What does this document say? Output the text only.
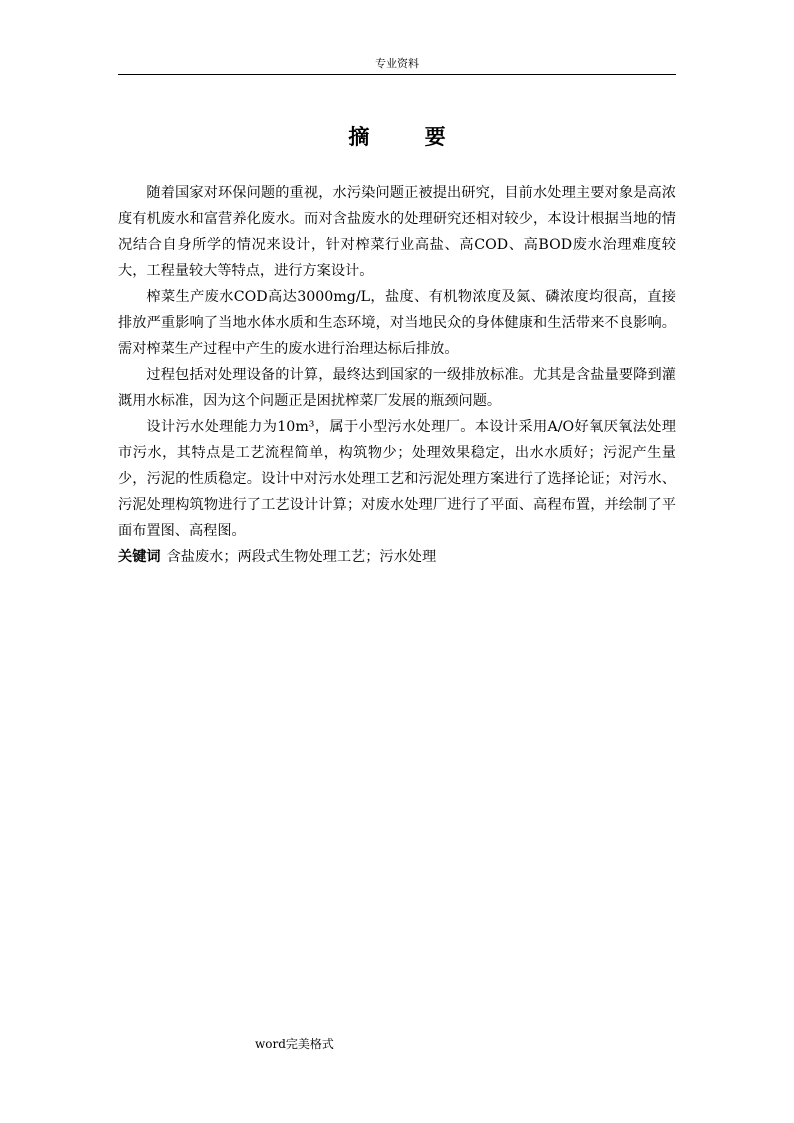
专业资料
摘 要

随着国家对环保问题的重视，水污染问题正被提出研究，目前水处理主要对象是高浓度有机废水和富营养化废水。而对含盐废水的处理研究还相对较少，本设计根据当地的情况结合自身所学的情况来设计，针对榨菜行业高盐、高COD、高BOD废水治理难度较大，工程量较大等特点，进行方案设计。

榨菜生产废水COD高达3000mg/L，盐度、有机物浓度及氮、磷浓度均很高，直接排放严重影响了当地水体水质和生态环境，对当地民众的身体健康和生活带来不良影响。需对榨菜生产过程中产生的废水进行治理达标后排放。

过程包括对处理设备的计算，最终达到国家的一级排放标准。尤其是含盐量要降到灌溉用水标准，因为这个问题正是困扰榨菜厂发展的瓶颈问题。

设计污水处理能力为10m³，属于小型污水处理厂。本设计采用A/O好氧厌氧法处理市污水，其特点是工艺流程简单，构筑物少；处理效果稳定，出水水质好；污泥产生量少，污泥的性质稳定。设计中对污水处理工艺和污泥处理方案进行了选择论证；对污水、污泥处理构筑物进行了工艺设计计算；对废水处理厂进行了平面、高程布置，并绘制了平面布置图、高程图。

关键词 含盐废水；两段式生物处理工艺；污水处理
word完美格式
